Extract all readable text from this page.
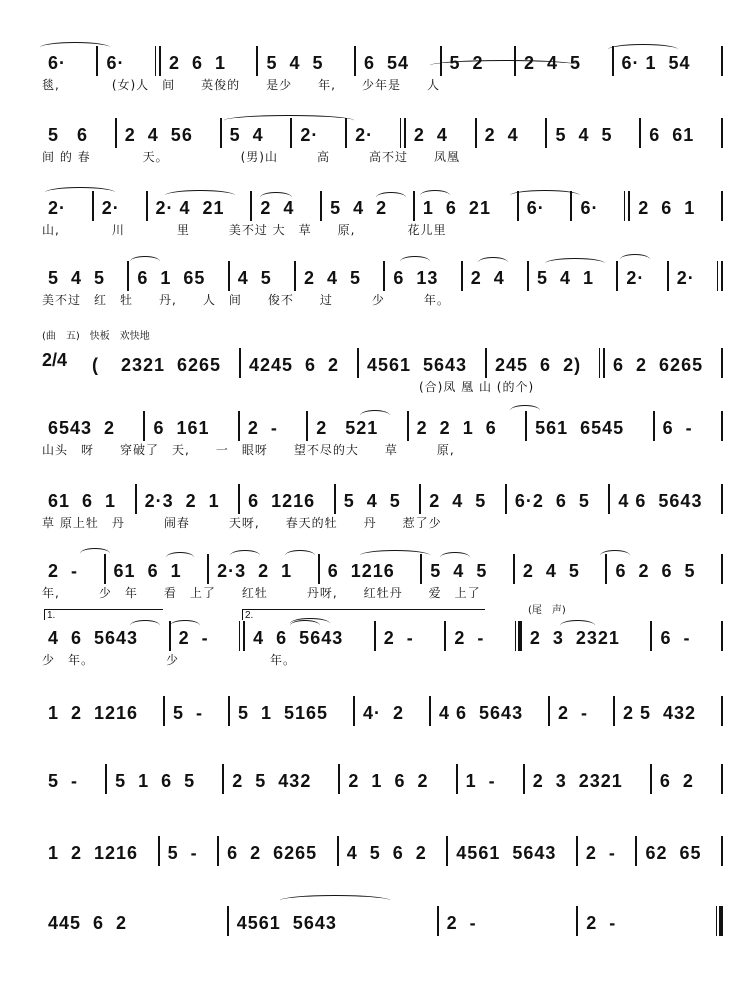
6·	6·	2  6  1	5  4  5	6  54	5  2	2  4  5	6· 1  54
毯,　　　　(女)人　间　　英俊的　　是少　　年,　　少年是　　人
5   6	2  4  56	5  4	2·	2·	2  4	2  4	5  4  5	6  61
间 的 春　　　　天。　　　　　　(男)山　　　高　　　高不过　　凤凰
2·	2·	2· 4  21	2  4	5  4  2	1  6  21	6·	6·	2  6  1
山,　　　　川　　　　里　　　美不过 大　草　　原,　　　　花儿里
5  4  5	6  1  65	4  5	2  4  5	6  13	2  4	5  4  1	2·	2·
美不过　红　牡　　丹,　　人　间　　俊不　　过　　　少　　　年。
(	2321  6265	4245  6  2	4561  5643	245  6  2)	6  2  6265
　　　　　　　　　　　　　　　　　　　　　　　　　　　　　(合)凤 凰 山 (的个)
6543  2	6  161	2  -	2   521	2  2  1  6	561  6545	6  -
山头　呀　　穿破了　天,　　一　眼呀　　望不尽的大　　草　　　原,
61  6  1	2·3  2  1	6  1216	5  4  5	2  4  5	6·2  6  5	4 6  5643
草 原上牡　丹　　　闹春　　　天呀,　　春天的牡　　丹　　惹了少
2  -	61  6  1	2·3  2  1	6  1216	5  4  5	2  4  5	6  2  6  5
年,　　　少　年　　看　上了　　红牡　　　丹呀,　　红牡丹　　爱　上了
4  6  5643	2  -	4  6  5643	2  -	2  -	2  3  2321	6  -
少　年。　　　　　　少　　　　　　　年。
1  2  1216	5  -	5  1  5165	4·  2	4 6  5643	2  -	2 5  432
5  -	5  1  6  5	2  5  432	2  1  6  2	1  -	2  3  2321	6  2
1  2  1216	5  -	6  2  6265	4  5  6  2	4561  5643	2  -	62  65
445  6  2	4561  5643	2  -	2  -
2/4
(尾　声)
1.	2.
(曲　五)　快板　欢快地
